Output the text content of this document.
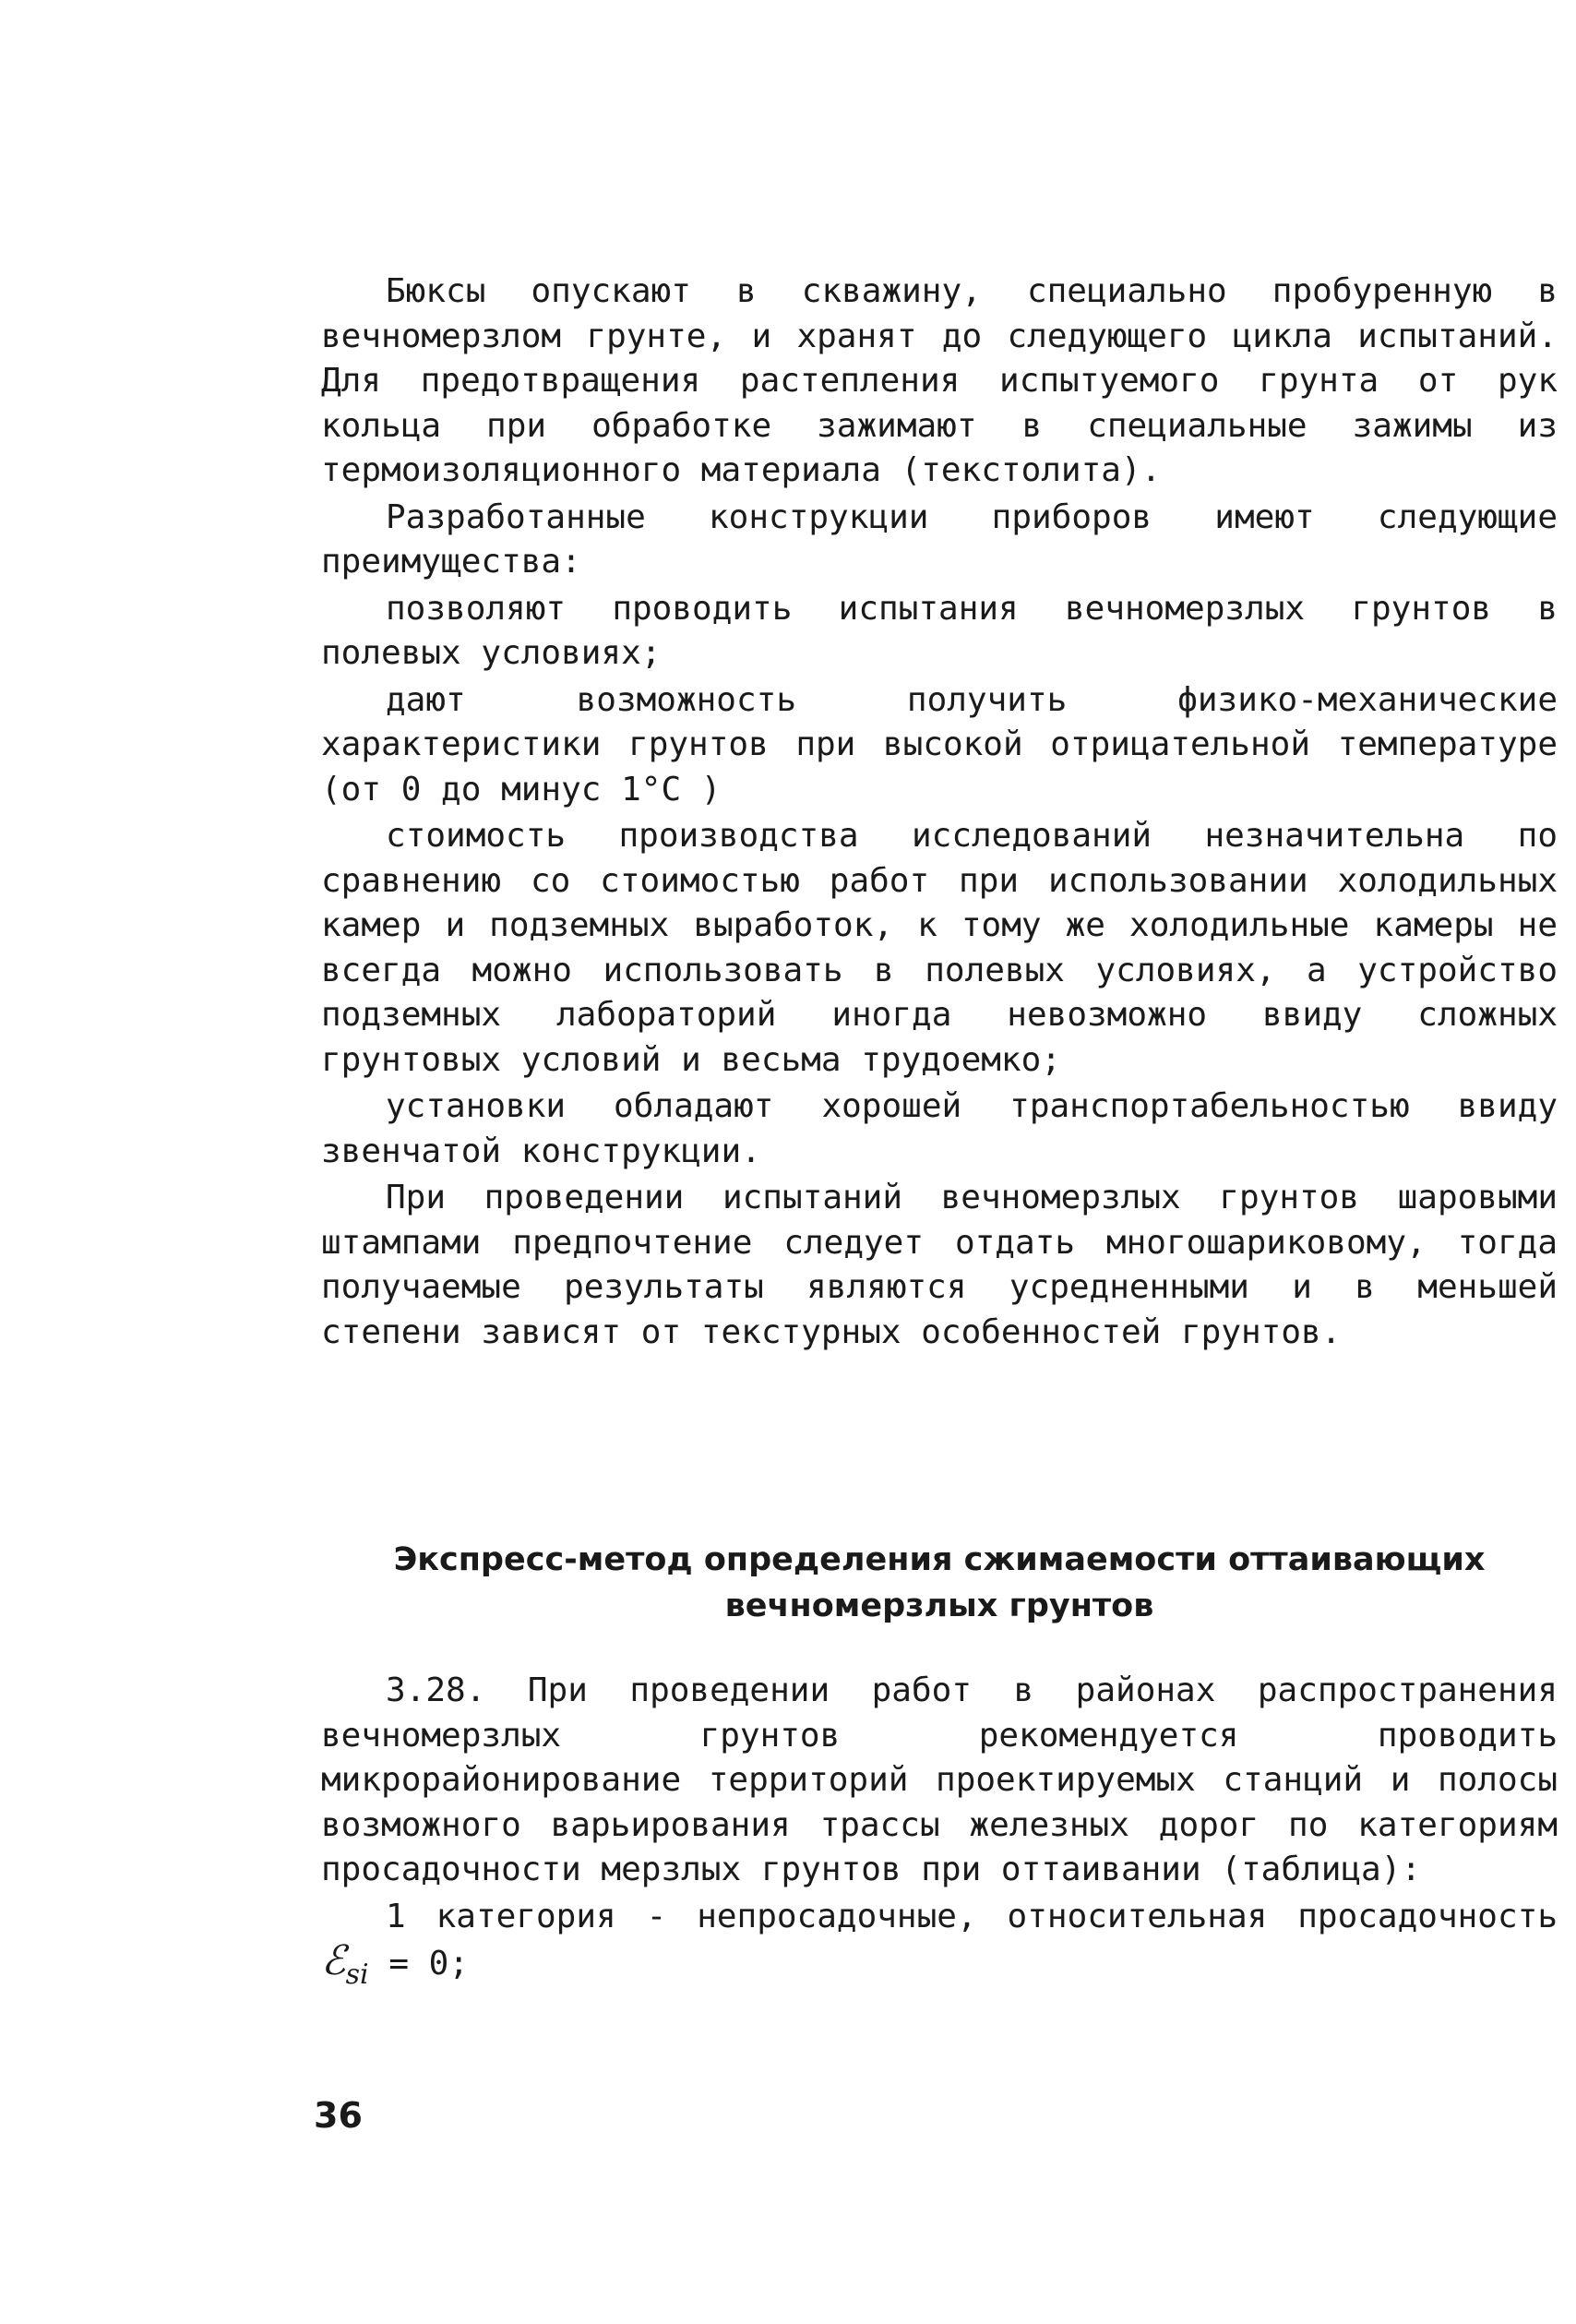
Бюксы опускают в скважину, специально пробуренную в вечномерзлом грунте, и хранят до следующего цикла испытаний. Для предотвращения растепления испытуемого грунта от рук кольца при обработке зажимают в специальные зажимы из термоизоляционного материала (текстолита).

Разработанные конструкции приборов имеют следующие преимущества:

позволяют проводить испытания вечномерзлых грунтов в полевых условиях;

дают возможность получить физико-механические характеристики грунтов при высокой отрицательной температуре (от 0 до минус 1°С )

стоимость производства исследований незначительна по сравнению со стоимостью работ при использовании холодильных камер и подземных выработок, к тому же холодильные камеры не всегда можно использовать в полевых условиях, а устройство подземных лабораторий иногда невозможно ввиду сложных грунтовых условий и весьма трудоемко;

установки обладают хорошей транспортабельностью ввиду звенчатой конструкции.

При проведении испытаний вечномерзлых грунтов шаровыми штампами предпочтение следует отдать многошариковому, тогда получаемые результаты являются усредненными и в меньшей степени зависят от текстурных особенностей грунтов.

Экспресс-метод определения сжимаемости оттаивающих
вечномерзлых грунтов

3.28. При проведении работ в районах распространения вечномерзлых грунтов рекомендуется проводить микрорайонирование территорий проектируемых станций и полосы возможного варьирования трассы железных дорог по категориям просадочности мерзлых грунтов при оттаивании (таблица):

1 категория - непросадочные, относительная просадочность ℰ$_{si}$ = 0;

36
